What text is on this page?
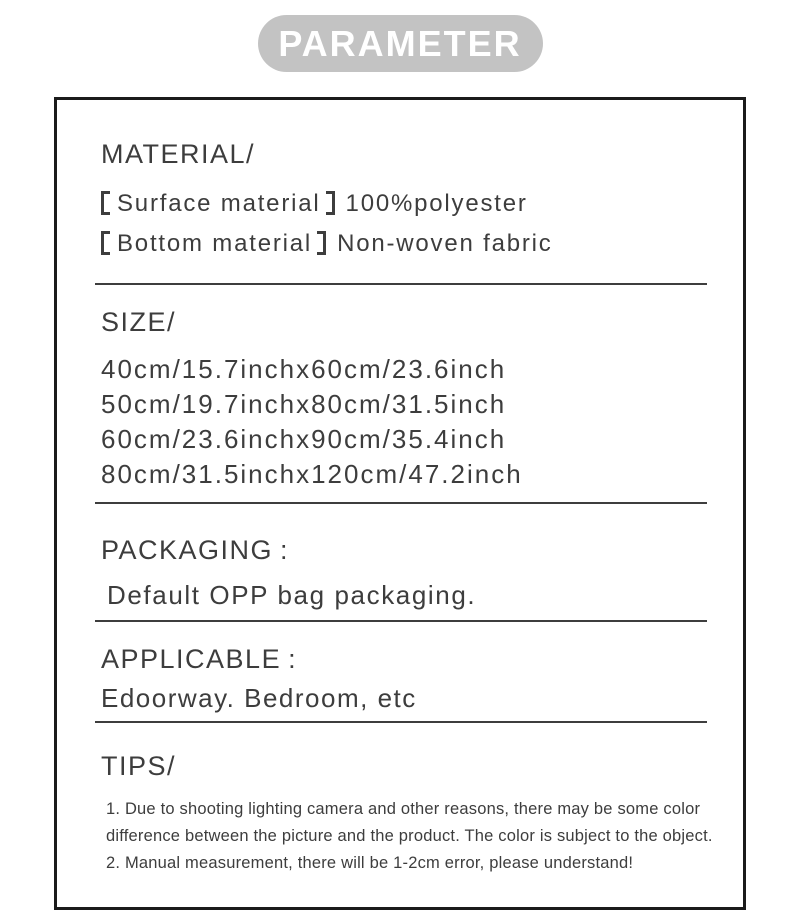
PARAMETER
MATERIAL/

Surface material 100%polyester

Bottom material Non-woven fabric

SIZE/

40cm/15.7inchx60cm/23.6inch

50cm/19.7inchx80cm/31.5inch

60cm/23.6inchx90cm/35.4inch

80cm/31.5inchx120cm/47.2inch

PACKAGING :

Default OPP bag packaging.

APPLICABLE :

Edoorway. Bedroom, etc

TIPS/

1. Due to shooting lighting camera and other reasons, there may be some color

difference between the picture and the product. The color is subject to the object.

2. Manual measurement, there will be 1-2cm error, please understand!
